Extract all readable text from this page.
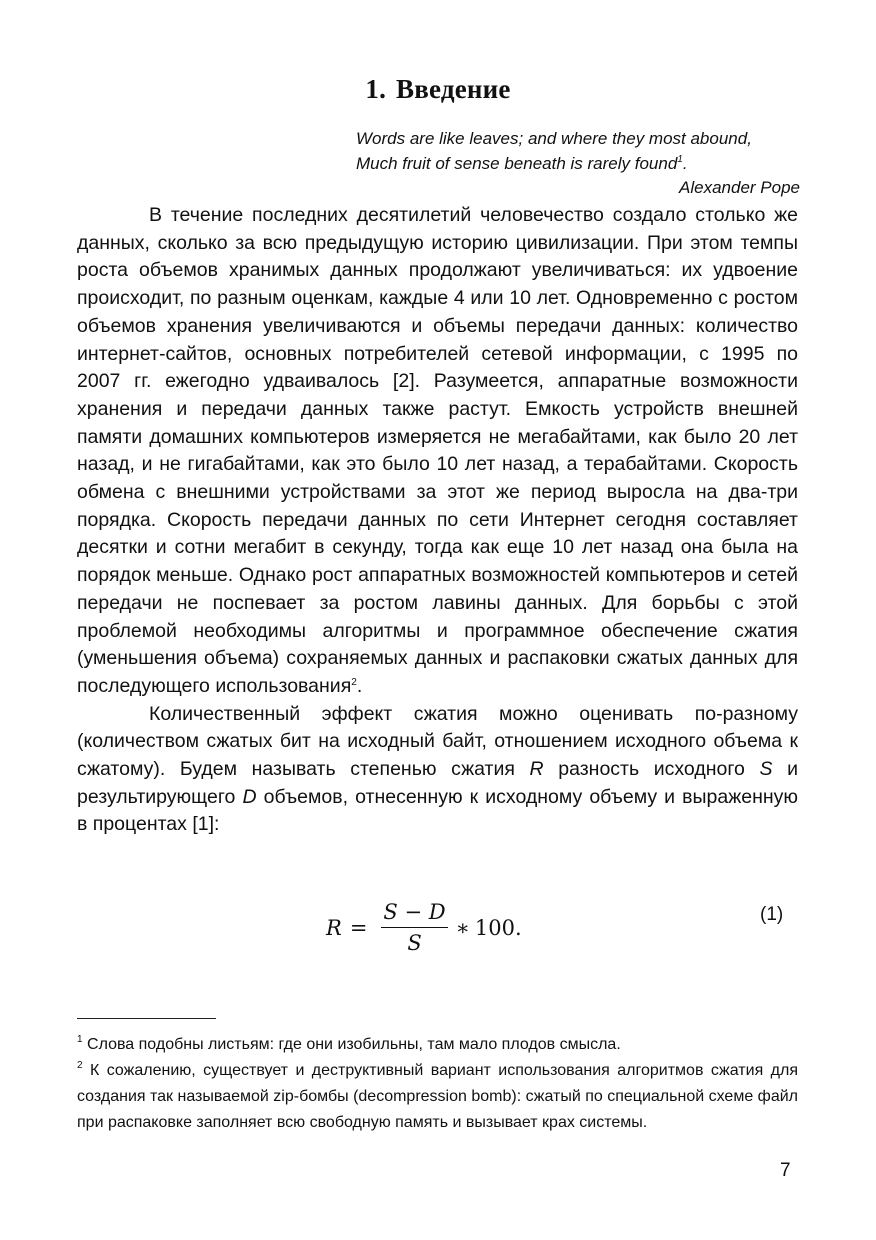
1. Введение
Words are like leaves; and where they most abound,
Much fruit of sense beneath is rarely found$^1$.
Alexander Pope

В течение последних десятилетий человечество создало столько же данных, сколько за всю предыдущую историю цивилизации. При этом темпы роста объемов хранимых данных продолжают увеличиваться: их удвоение происходит, по разным оценкам, каждые 4 или 10 лет. Одновременно с ростом объемов хранения увеличиваются и объемы передачи данных: количество интернет-сайтов, основных потребителей сетевой информации, с 1995 по 2007 гг. ежегодно удваивалось [2]. Разумеется, аппаратные возможности хранения и передачи данных также растут. Емкость устройств внешней памяти домашних компьютеров измеряется не мегабайтами, как было 20 лет назад, и не гигабайтами, как это было 10 лет назад, а терабайтами. Скорость обмена с внешними устройствами за этот же период выросла на два-три порядка. Скорость передачи данных по сети Интернет сегодня составляет десятки и сотни мегабит в секунду, тогда как еще 10 лет назад она была на порядок меньше. Однако рост аппаратных возможностей компьютеров и сетей передачи не поспевает за ростом лавины данных. Для борьбы с этой проблемой необходимы алгоритмы и программное обеспечение сжатия (уменьшения объема) сохраняемых данных и распаковки сжатых данных для последующего использования$^2$.

Количественный эффект сжатия можно оценивать по-разному (количеством сжатых бит на исходный байт, отношением исходного объема к сжатому). Будем называть степенью сжатия R разность исходного S и результирующего D объемов, отнесенную к исходному объему и выраженную в процентах [1]:

$R = \frac{S - D}{S}$ ∗ 100 .
(1)

$^1$ Слова подобны листьям: где они изобильны, там мало плодов смысла.

$^2$ К сожалению, существует и деструктивный вариант использования алгоритмов сжатия для создания так называемой zip-бомбы (decompression bomb): сжатый по специальной схеме файл при распаковке заполняет всю свободную память и вызывает крах системы.

7
